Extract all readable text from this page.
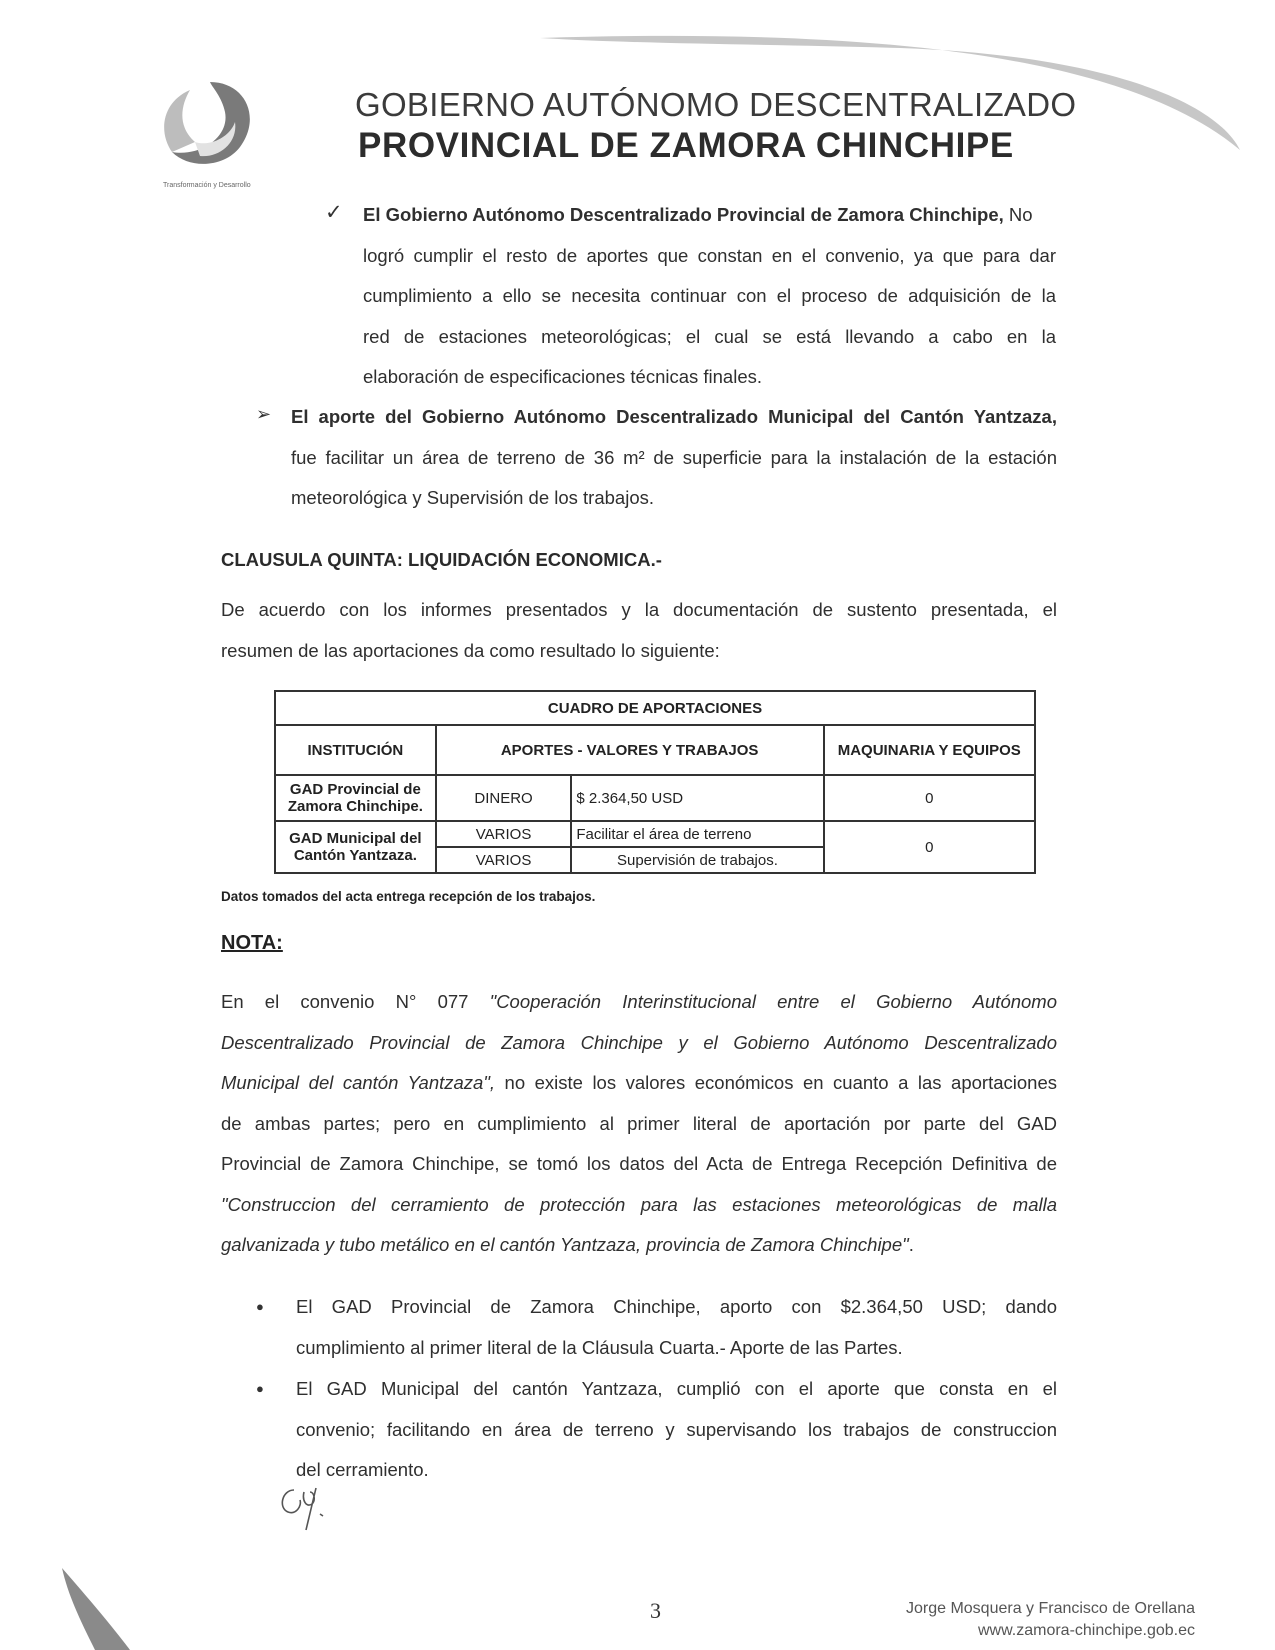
Transformación y Desarrollo
GOBIERNO AUTÓNOMO DESCENTRALIZADO
PROVINCIAL DE ZAMORA CHINCHIPE
✓ El Gobierno Autónomo Descentralizado Provincial de Zamora Chinchipe, No
logró cumplir el resto de aportes que constan en el convenio, ya que para dar
cumplimiento a ello se necesita continuar con el proceso de adquisición de la
red de estaciones meteorológicas; el cual se está llevando a cabo en la
elaboración de especificaciones técnicas finales.
➢ El aporte del Gobierno Autónomo Descentralizado Municipal del Cantón Yantzaza,
fue facilitar un área de terreno de 36 m² de superficie para la instalación de la estación
meteorológica y Supervisión de los trabajos.
CLAUSULA QUINTA: LIQUIDACIÓN ECONOMICA.-
De acuerdo con los informes presentados y la documentación de sustento presentada, el
resumen de las aportaciones da como resultado lo siguiente:
CUADRO DE APORTACIONES			
INSTITUCIÓN	APORTES - VALORES Y TRABAJOS		MAQUINARIA Y EQUIPOS
GAD Provincial de Zamora Chinchipe.	DINERO	$ 2.364,50 USD	0
GAD Municipal del Cantón Yantzaza.	VARIOS	Facilitar el área de terreno	0
	VARIOS	Supervisión de trabajos.	
Datos tomados del acta entrega recepción de los trabajos.
NOTA:
En el convenio N° 077 "Cooperación Interinstitucional entre el Gobierno Autónomo
Descentralizado Provincial de Zamora Chinchipe y el Gobierno Autónomo Descentralizado
Municipal del cantón Yantzaza", no existe los valores económicos en cuanto a las aportaciones
de ambas partes; pero en cumplimiento al primer literal de aportación por parte del GAD
Provincial de Zamora Chinchipe, se tomó los datos del Acta de Entrega Recepción Definitiva de
"Construccion del cerramiento de protección para las estaciones meteorológicas de malla
galvanizada y tubo metálico en el cantón Yantzaza, provincia de Zamora Chinchipe".
● El GAD Provincial de Zamora Chinchipe, aporto con $2.364,50 USD; dando
cumplimiento al primer literal de la Cláusula Cuarta.- Aporte de las Partes.
● El GAD Municipal del cantón Yantzaza, cumplió con el aporte que consta en el
convenio; facilitando en área de terreno y supervisando los trabajos de construccion
del cerramiento.
3	Jorge Mosquera y Francisco de Orellana
www.zamora-chinchipe.gob.ec
